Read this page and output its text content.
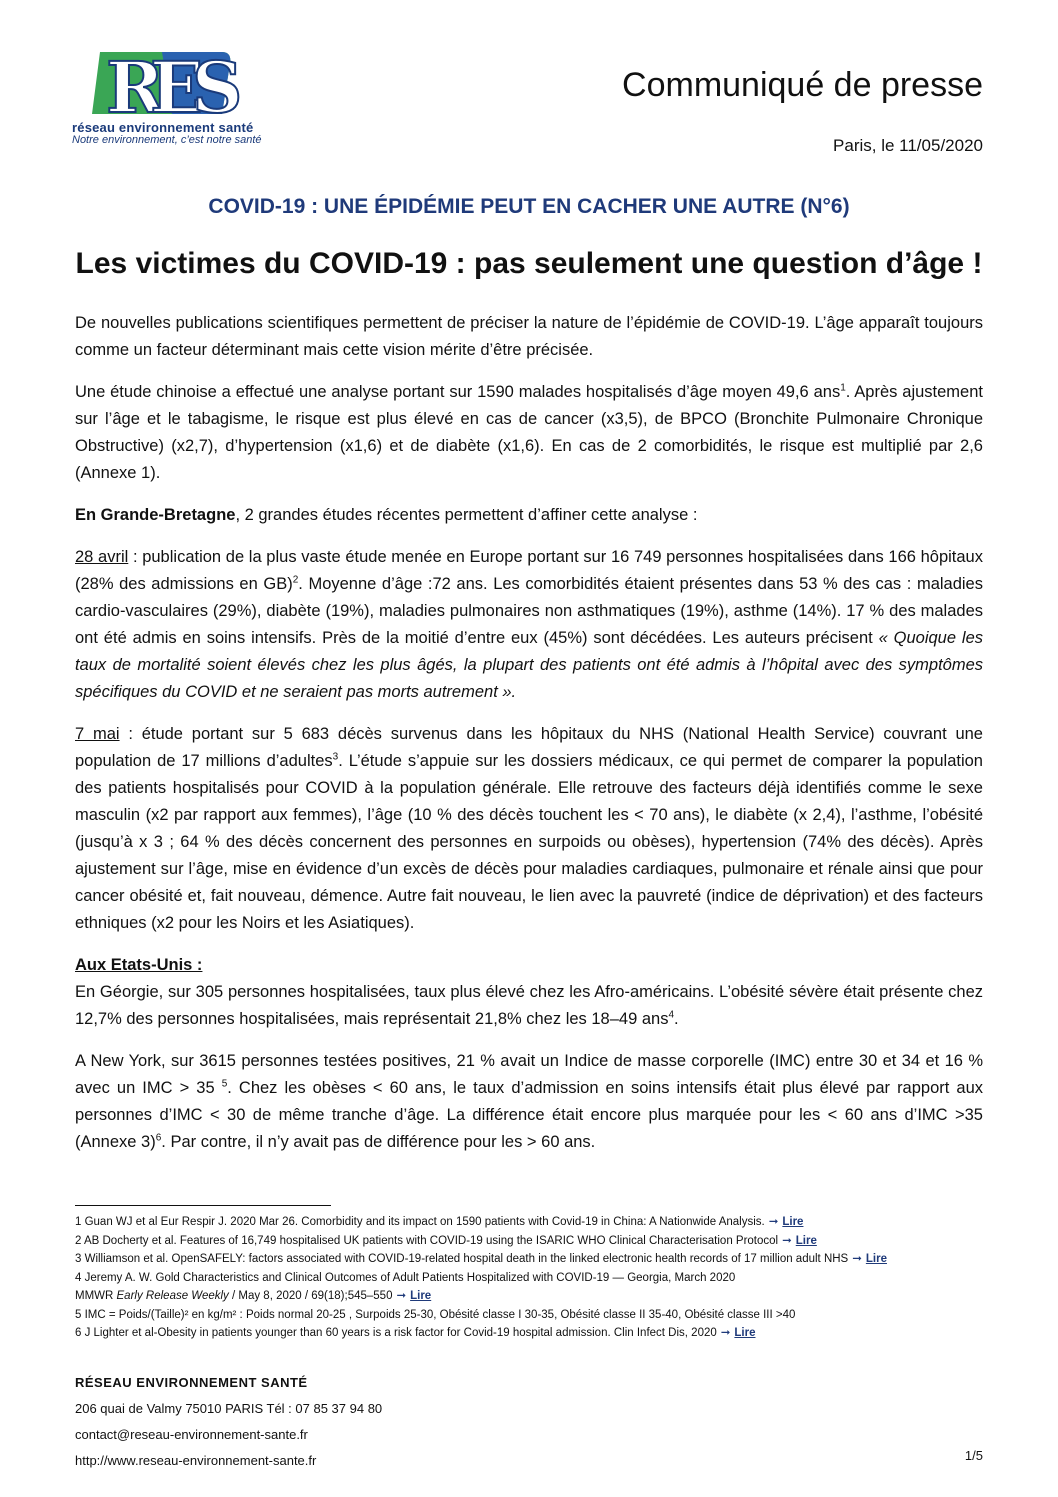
R
E
S
réseau environnement santé
Notre environnement, c’est notre santé
Communiqué de presse
Paris, le 11/05/2020
COVID-19 : UNE ÉPIDÉMIE PEUT EN CACHER UNE AUTRE (N°6)
Les victimes du COVID-19 : pas seulement une question d’âge !

De nouvelles publications scientifiques permettent de préciser la nature de l’épidémie de COVID-19. L’âge apparaît toujours comme un facteur déterminant mais cette vision mérite d’être précisée.

Une étude chinoise a effectué une analyse portant sur 1590 malades hospitalisés d’âge moyen 49,6 ans$^1$. Après ajustement sur l’âge et le tabagisme, le risque est plus élevé en cas de cancer (x3,5), de BPCO (Bronchite Pulmonaire Chronique Obstructive) (x2,7), d’hypertension (x1,6) et de diabète (x1,6). En cas de 2 comorbidités, le risque est multiplié par 2,6 (Annexe 1).

En Grande-Bretagne, 2 grandes études récentes permettent d’affiner cette analyse :

28 avril : publication de la plus vaste étude menée en Europe portant sur 16 749 personnes hospitalisées dans 166 hôpitaux (28% des admissions en GB)$^2$. Moyenne d’âge :72 ans. Les comorbidités étaient présentes dans 53 % des cas : maladies cardio-vasculaires (29%), diabète (19%), maladies pulmonaires non asthmatiques (19%), asthme (14%). 17 % des malades ont été admis en soins intensifs. Près de la moitié d’entre eux (45%) sont décédées. Les auteurs précisent « Quoique les taux de mortalité soient élevés chez les plus âgés, la plupart des patients ont été admis à l’hôpital avec des symptômes spécifiques du COVID et ne seraient pas morts autrement ».

7 mai : étude portant sur 5 683 décès survenus dans les hôpitaux du NHS (National Health Service) couvrant une population de 17 millions d’adultes$^3$. L’étude s’appuie sur les dossiers médicaux, ce qui permet de comparer la population des patients hospitalisés pour COVID à la population générale. Elle retrouve des facteurs déjà identifiés comme le sexe masculin (x2 par rapport aux femmes), l’âge (10 % des décès touchent les < 70 ans), le diabète (x 2,4), l’asthme, l’obésité (jusqu’à x 3 ; 64 % des décès concernent des personnes en surpoids ou obèses), hypertension (74% des décès). Après ajustement sur l’âge, mise en évidence d’un excès de décès pour maladies cardiaques, pulmonaire et rénale ainsi que pour cancer obésité et, fait nouveau, démence. Autre fait nouveau, le lien avec la pauvreté (indice de déprivation) et des facteurs ethniques (x2 pour les Noirs et les Asiatiques).

Aux Etats-Unis :

En Géorgie, sur 305 personnes hospitalisées, taux plus élevé chez les Afro-américains. L’obésité sévère était présente chez 12,7% des personnes hospitalisées, mais représentait 21,8% chez les 18–49 ans$^4$.

A New York, sur 3615 personnes testées positives, 21 % avait un Indice de masse corporelle (IMC) entre 30 et 34 et 16 % avec un IMC > 35 $^5$. Chez les obèses < 60 ans, le taux d’admission en soins intensifs était plus élevé par rapport aux personnes d’IMC < 30 de même tranche d’âge. La différence était encore plus marquée pour les < 60 ans d’IMC >35 (Annexe 3)$^6$. Par contre, il n’y avait pas de différence pour les > 60 ans.

1 Guan WJ et al Eur Respir J. 2020 Mar 26. Comorbidity and its impact on 1590 patients with Covid-19 in China: A Nationwide Analysis. ➞ Lire
2 AB Docherty et al. Features of 16,749 hospitalised UK patients with COVID-19 using the ISARIC WHO Clinical Characterisation Protocol ➞ Lire
3 Williamson et al. OpenSAFELY: factors associated with COVID-19-related hospital death in the linked electronic health records of 17 million adult NHS ➞ Lire
4 Jeremy A. W. Gold Characteristics and Clinical Outcomes of Adult Patients Hospitalized with COVID-19 — Georgia, March 2020
MMWR Early Release Weekly / May 8, 2020 / 69(18);545–550 ➞ Lire
5 IMC = Poids/(Taille)² en kg/m² : Poids normal 20-25 , Surpoids 25-30, Obésité classe I 30-35, Obésité classe II 35-40, Obésité classe III >40
6 J Lighter et al-Obesity in patients younger than 60 years is a risk factor for Covid-19 hospital admission. Clin Infect Dis, 2020 ➞ Lire
RÉSEAU ENVIRONNEMENT SANTÉ
206 quai de Valmy 75010 PARIS Tél : 07 85 37 94 80
contact@reseau-environnement-sante.fr
http://www.reseau-environnement-sante.fr	1/5
